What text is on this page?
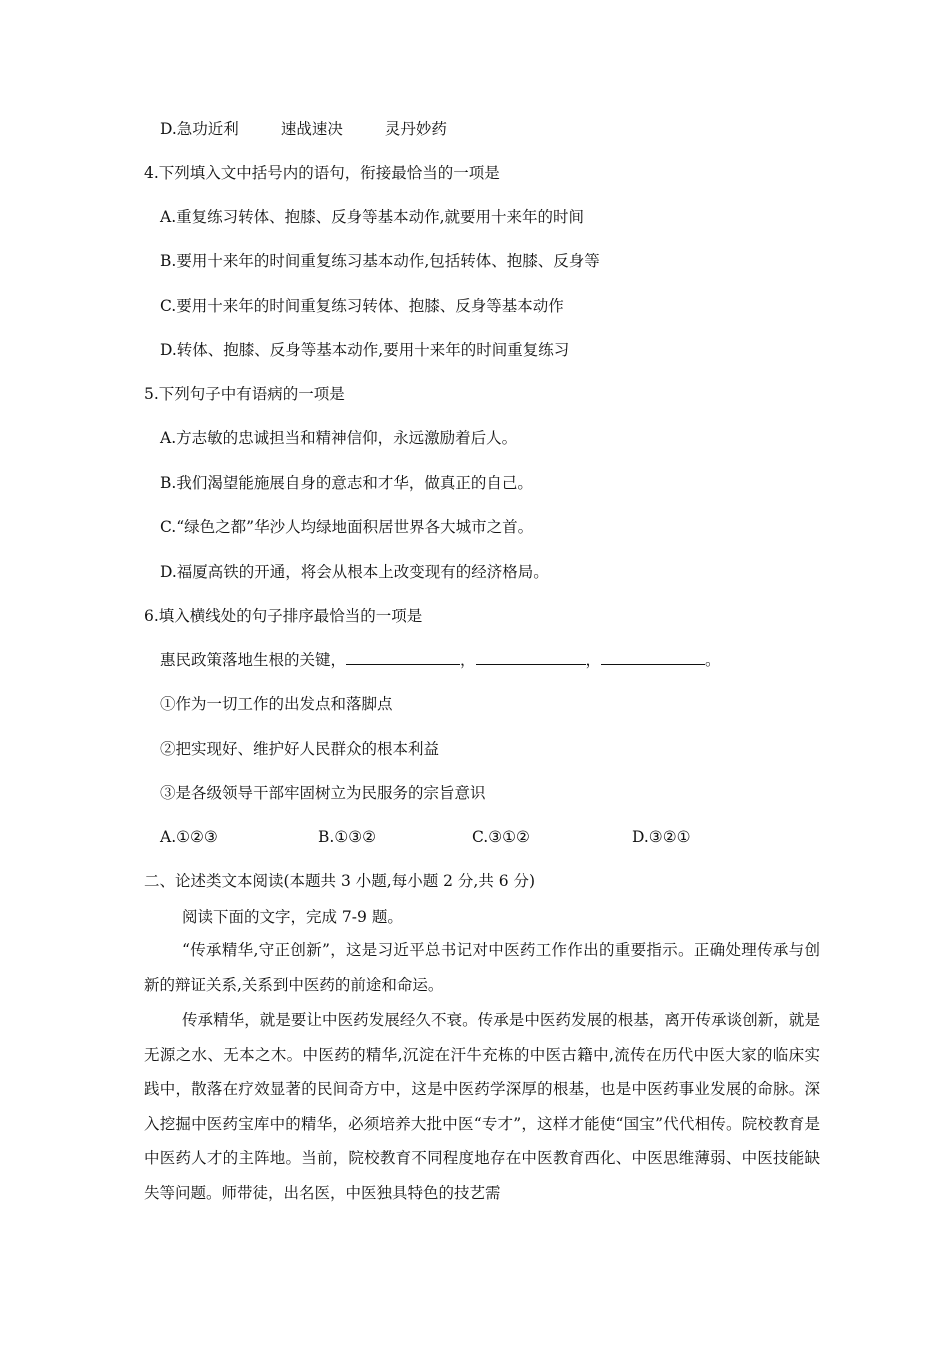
D.急功近利	速战速决	灵丹妙药
4.下列填入文中括号内的语句，衔接最恰当的一项是
A.重复练习转体、抱膝、反身等基本动作,就要用十来年的时间
B.要用十来年的时间重复练习基本动作,包括转体、抱膝、反身等
C.要用十来年的时间重复练习转体、抱膝、反身等基本动作
D.转体、抱膝、反身等基本动作,要用十来年的时间重复练习
5.下列句子中有语病的一项是
A.方志敏的忠诚担当和精神信仰，永远激励着后人。
B.我们渴望能施展自身的意志和才华，做真正的自己。
C.“绿色之都”华沙人均绿地面积居世界各大城市之首。
D.福厦高铁的开通，将会从根本上改变现有的经济格局。
6.填入横线处的句子排序最恰当的一项是
惠民政策落地生根的关键，	，	，	。
①作为一切工作的出发点和落脚点
②把实现好、维护好人民群众的根本利益
③是各级领导干部牢固树立为民服务的宗旨意识
A.①②③	B.①③②	C.③①②	D.③②①
二、论述类文本阅读(本题共 3 小题,每小题 2 分,共 6 分)
阅读下面的文字，完成 7-9 题。
“传承精华,守正创新”，这是习近平总书记对中医药工作作出的重要指示。正确处理传承与创新的辩证关系,关系到中医药的前途和命运。
传承精华，就是要让中医药发展经久不衰。传承是中医药发展的根基，离开传承谈创新，就是无源之水、无本之木。中医药的精华,沉淀在汗牛充栋的中医古籍中,流传在历代中医大家的临床实践中，散落在疗效显著的民间奇方中，这是中医药学深厚的根基，也是中医药事业发展的命脉。深入挖掘中医药宝库中的精华，必须培养大批中医“专才”，这样才能使“国宝”代代相传。院校教育是中医药人才的主阵地。当前，院校教育不同程度地存在中医教育西化、中医思维薄弱、中医技能缺失等问题。师带徒，出名医，中医独具特色的技艺需
